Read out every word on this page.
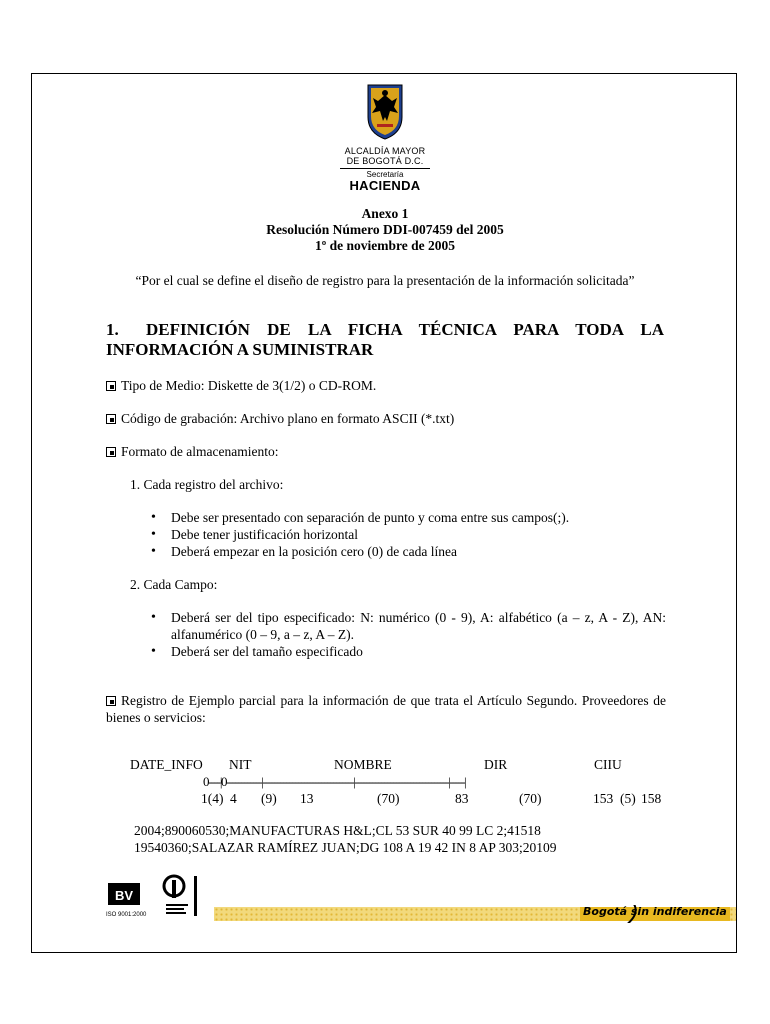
ALCALDÍA MAYOR
DE BOGOTÁ D.C.
Secretaría
HACIENDA
Anexo 1
Resolución Número DDI-007459 del 2005
1º de noviembre de 2005
“Por el cual se define el diseño de registro para la presentación de la información solicitada”
1. DEFINICIÓN DE LA FICHA TÉCNICA PARA TODA LA INFORMACIÓN A SUMINISTRAR
Tipo de Medio: Diskette de 3(1/2) o CD-ROM.
Código de grabación: Archivo plano en formato ASCII (*.txt)
Formato de almacenamiento:
1. Cada registro del archivo:
• Debe ser presentado con separación de punto y coma entre sus campos(;).
• Debe tener justificación horizontal
• Deberá empezar en la posición cero (0) de cada línea
2. Cada Campo:
• Deberá ser del tipo especificado: N: numérico (0 - 9), A: alfabético (a – z, A - Z), AN: alfanumérico (0 – 9, a – z, A – Z).
• Deberá ser del tamaño especificado
Registro de Ejemplo parcial para la información de que trata el Artículo Segundo. Proveedores de bienes o servicios:
DATE_INFO NIT	NOMBRE	DIR	CIIU
0----|0------------|-------------------------------|--------------------------------|-----|
1(4) 4 (9) 13	(70)	83	(70)	153 (5) 158
2004;890060530;MANUFACTURAS H&L;CL 53 SUR 40 99 LC 2;41518
19540360;SALAZAR RAMÍREZ JUAN;DG 108 A 19 42 IN 8 AP 303;20109
BV
ISO 9001:2000	Bogotá sin indiferencia
